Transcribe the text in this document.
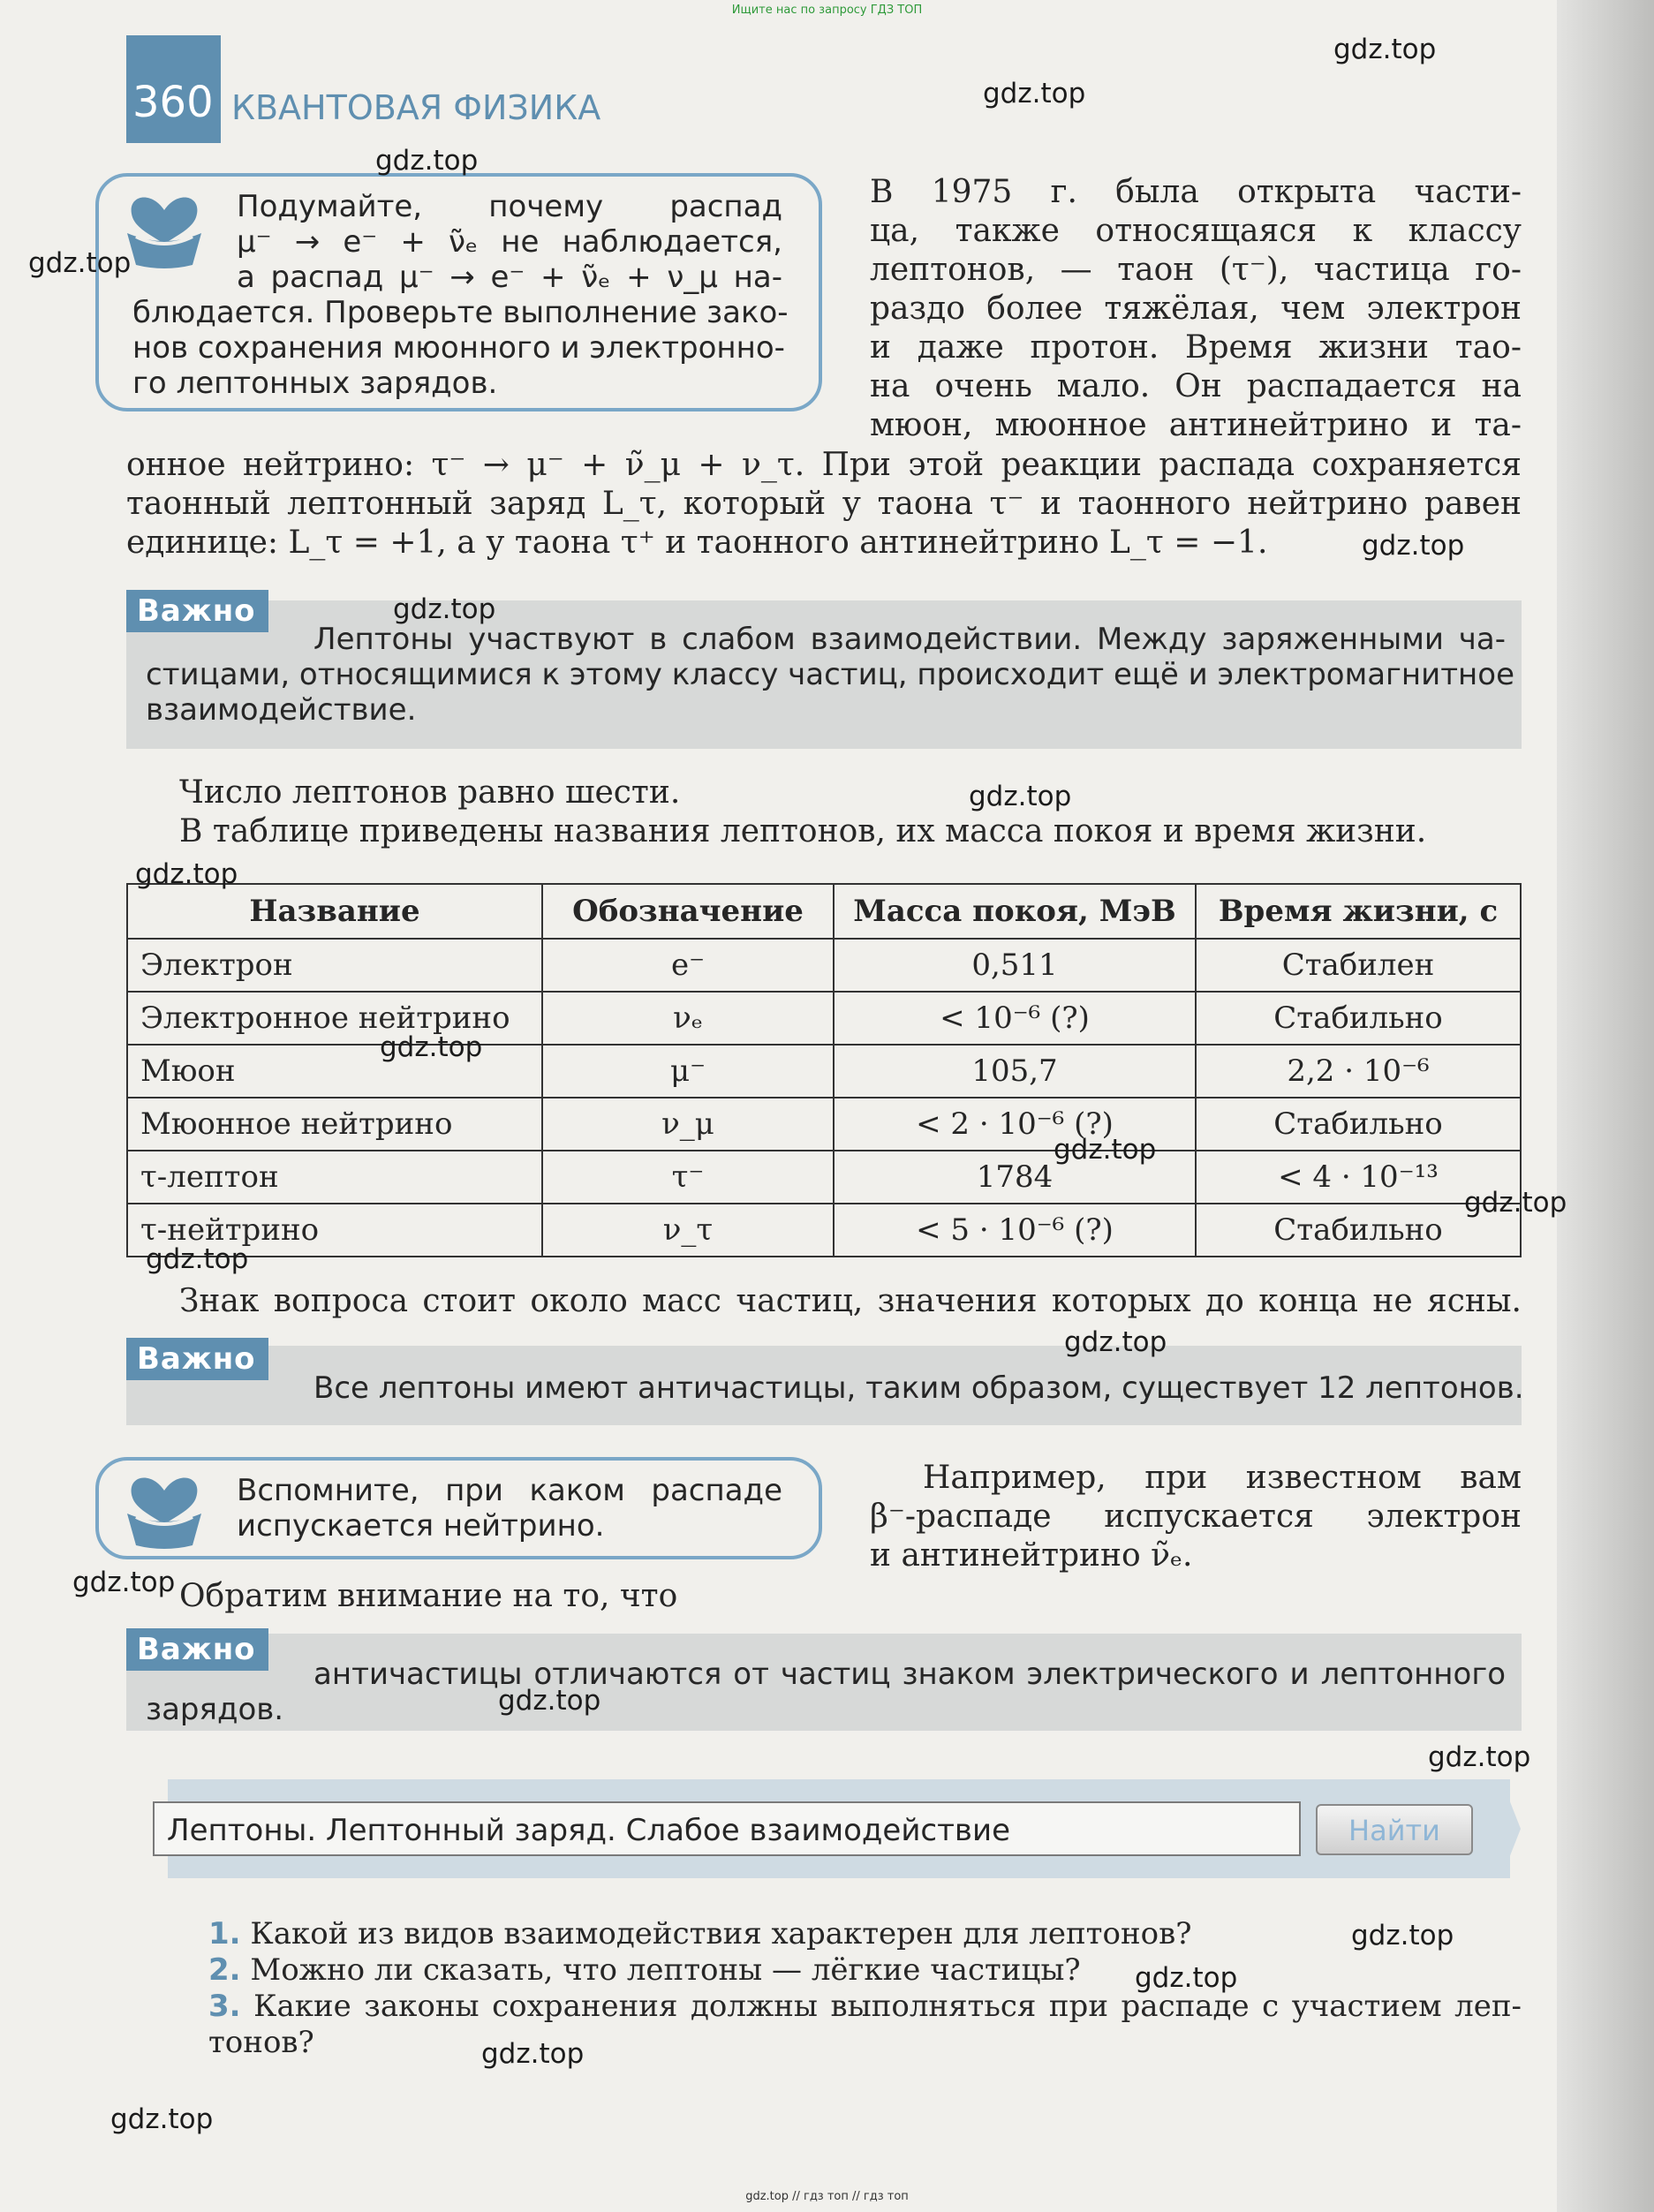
Ищите нас по запросу ГДЗ ТОП
360 КВАНТОВАЯ ФИЗИКА
Подумайте, почему распад
μ⁻ → e⁻ + ν̃ₑ не наблюдается,
а распад μ⁻ → e⁻ + ν̃ₑ + ν_μ на-
блюдается. Проверьте выполнение зако-
нов сохранения мюонного и электронно-
го лептонных зарядов.
В 1975 г. была открыта части-
ца, также относящаяся к классу
лептонов, — таон (τ⁻), частица го-
раздо более тяжёлая, чем электрон
и даже протон. Время жизни тао-
на очень мало. Он распадается на
мюон, мюонное антинейтрино и та-
онное нейтрино: τ⁻ → μ⁻ + ν̃_μ + ν_τ. При этой реакции распада сохраняется
таонный лептонный заряд L_τ, который у таона τ⁻ и таонного нейтрино равен
единице: L_τ = +1, а у таона τ⁺ и таонного антинейтрино L_τ = −1.
Важно
Лептоны участвуют в слабом взаимодействии. Между заряженными ча-
стицами, относящимися к этому классу частиц, происходит ещё и электромагнитное
взаимодействие.
Число лептонов равно шести.
В таблице приведены названия лептонов, их масса покоя и время жизни.
Название	Обозначение	Масса покоя, МэВ	Время жизни, с
Электрон	e⁻	0,511	Стабилен
Электронное нейтрино	νₑ	< 10⁻⁶ (?)	Стабильно
Мюон	μ⁻	105,7	2,2 · 10⁻⁶
Мюонное нейтрино	ν_μ	< 2 · 10⁻⁶ (?)	Стабильно
τ-лептон	τ⁻	1784	< 4 · 10⁻¹³
τ-нейтрино	ν_τ	< 5 · 10⁻⁶ (?)	Стабильно
Знак вопроса стоит около масс частиц, значения которых до конца не ясны.
Важно
Все лептоны имеют античастицы, таким образом, существует 12 лептонов.
Вспомните, при каком распаде
испускается нейтрино.
Например, при известном вам
β⁻-распаде испускается электрон
и антинейтрино ν̃ₑ.
Обратим внимание на то, что
Важно
античастицы отличаются от частиц знаком электрического и лептонного
зарядов.
Лептоны. Лептонный заряд. Слабое взаимодействие	Найти
1. Какой из видов взаимодействия характерен для лептонов?
2. Можно ли сказать, что лептоны — лёгкие частицы?
3. Какие законы сохранения должны выполняться при распаде с участием леп-
тонов?
gdz.top
gdz.top
gdz.top
gdz.top
gdz.top
gdz.top
gdz.top
gdz.top
gdz.top
gdz.top
gdz.top
gdz.top
gdz.top
gdz.top
gdz.top
gdz.top
gdz.top
gdz.top
gdz.top
gdz.top
gdz.top // гдз топ // гдз топ
